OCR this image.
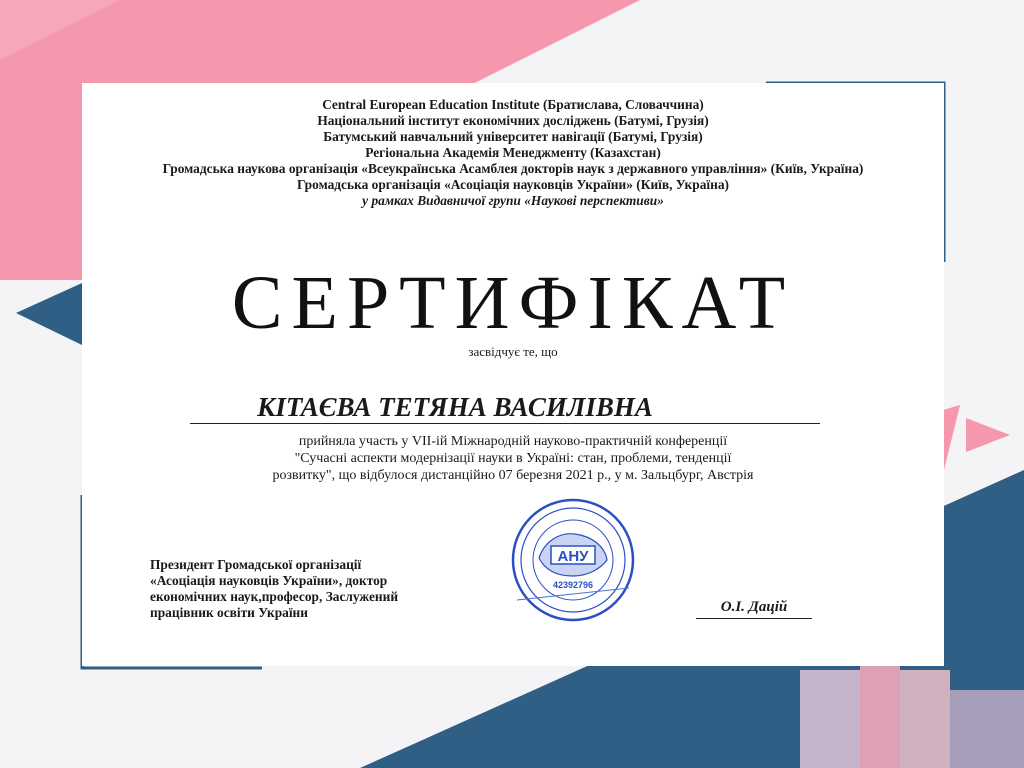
Central European Education Institute (Братислава, Словаччина)
Національний інститут економічних досліджень (Батумі, Грузія)
Батумський навчальний університет навігації (Батумі, Грузія)
Регіональна Академія Менеджменту (Казахстан)
Громадська наукова організація «Всеукраїнська Асамблея докторів наук з державного управління» (Київ, Україна)
Громадська організація «Асоціація науковців України» (Київ, Україна)
у рамках Видавничої групи «Наукові перспективи»
СЕРТИФІКАТ
засвідчує те, що
КІТАЄВА ТЕТЯНА ВАСИЛІВНА
прийняла участь у VII-ій Міжнародній науково-практичній конференції
"Сучасні аспекти модернізації науки в Україні: стан, проблеми, тенденції
розвитку", що відбулося дистанційно 07 березня 2021 р., у м. Зальцбург, Австрія
Президент Громадської організації
«Асоціація науковців України», доктор
економічних наук,професор, Заслужений
працівник освіти України
АНУ
42392796
О.І. Дацій
